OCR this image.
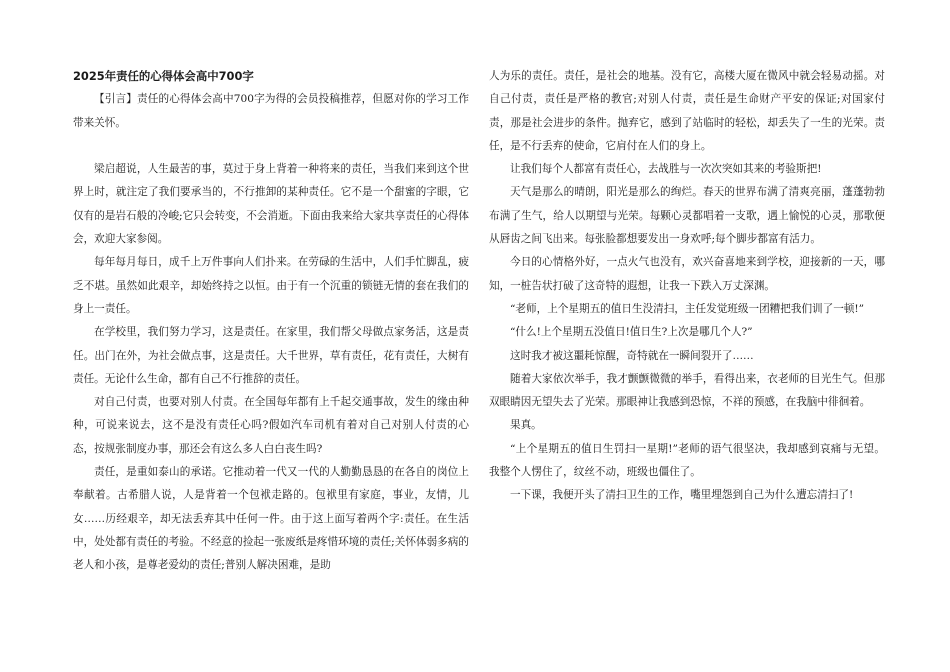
2025年责任的心得体会高中700字

【引言】责任的心得体会高中700字为得的会员投稿推荐，但愿对你的学习工作带来关怀。

梁启超说，人生最苦的事，莫过于身上背着一种将来的责任，当我们来到这个世界上时，就注定了我们要承当的，不行推卸的某种责任。它不是一个甜蜜的字眼，它仅有的是岩石般的冷峻;它只会转变，不会消逝。下面由我来给大家共享责任的心得体会，欢迎大家参阅。

每年每月每日，成千上万件事向人们扑来。在劳碌的生活中，人们手忙脚乱，疲乏不堪。虽然如此艰辛，却始终持之以恒。由于有一个沉重的锁链无情的套在我们的身上一责任。

在学校里，我们努力学习，这是责任。在家里，我们帮父母做点家务活，这是责任。出门在外，为社会做点事，这是责任。大千世界，草有责任，花有责任，大树有责任。无论什么生命，都有自己不行推辞的责任。

对自己付责，也要对别人付责。在全国每年都有上千起交通事故，发生的缘由种种，可说来说去，这不是没有责任心吗?假如汽车司机有着对自己对别人付责的心态，按规张制度办事，那还会有这么多人白白丧生吗?

责任，是重如泰山的承诺。它推动着一代又一代的人勤勤恳恳的在各自的岗位上奉献着。古希腊人说，人是背着一个包袱走路的。包袱里有家庭，事业，友情，儿女……历经艰辛，却无法丢弃其中任何一件。由于这上面写着两个字:责任。在生活中，处处都有责任的考验。不经意的捡起一张废纸是疼惜环境的责任;关怀体弱多病的老人和小孩，是尊老爱幼的责任;普别人解决困难，是助

人为乐的责任。责任，是社会的地基。没有它，高楼大厦在微风中就会轻易动摇。对自己付责，责任是严格的教官;对别人付责，责任是生命财产平安的保证;对国家付责，那是社会进步的条件。抛弃它，感到了站临时的轻松，却丢失了一生的光荣。责任，是不行丢弃的使命，它肩付在人们的身上。

让我们每个人都富有责任心，去战胜与一次次突如其来的考验斯把!

天气是那么的晴朗，阳光是那么的绚烂。春天的世界布满了清爽亮丽，蓬蓬勃勃布满了生气，给人以期望与光荣。每颗心灵都唱着一支歌，遇上愉悦的心灵，那歌便从唇齿之间飞出来。每张脸都想要发出一身欢呼;每个脚步都富有活力。

今日的心情格外好，一点火气也没有，欢兴奋喜地来到学校，迎接新的一天，哪知，一桩告状打破了这奇特的遐想，让我一下跌入万丈深渊。

“老师，上个星期五的值日生没清扫，主任发觉班级一团糟把我们训了一顿!”

“什么!上个星期五没值日!值日生?上次是哪几个人?”

这时我才被这噩耗惊醒，奇特就在一瞬间裂开了……

随着大家依次举手，我才颤颤微微的举手，看得出来，衣老师的目光生气。但那双眼睛因无望失去了光荣。那眼神让我感到恐惊，不祥的预感，在我脑中徘徊着。

果真。

“上个星期五的值日生罚扫一星期!”老师的语气很坚决，我却感到哀痛与无望。我整个人愣住了，纹丝不动，班级也僵住了。

一下课，我便开头了清扫卫生的工作，嘴里埋怨到自己为什么遭忘清扫了!
